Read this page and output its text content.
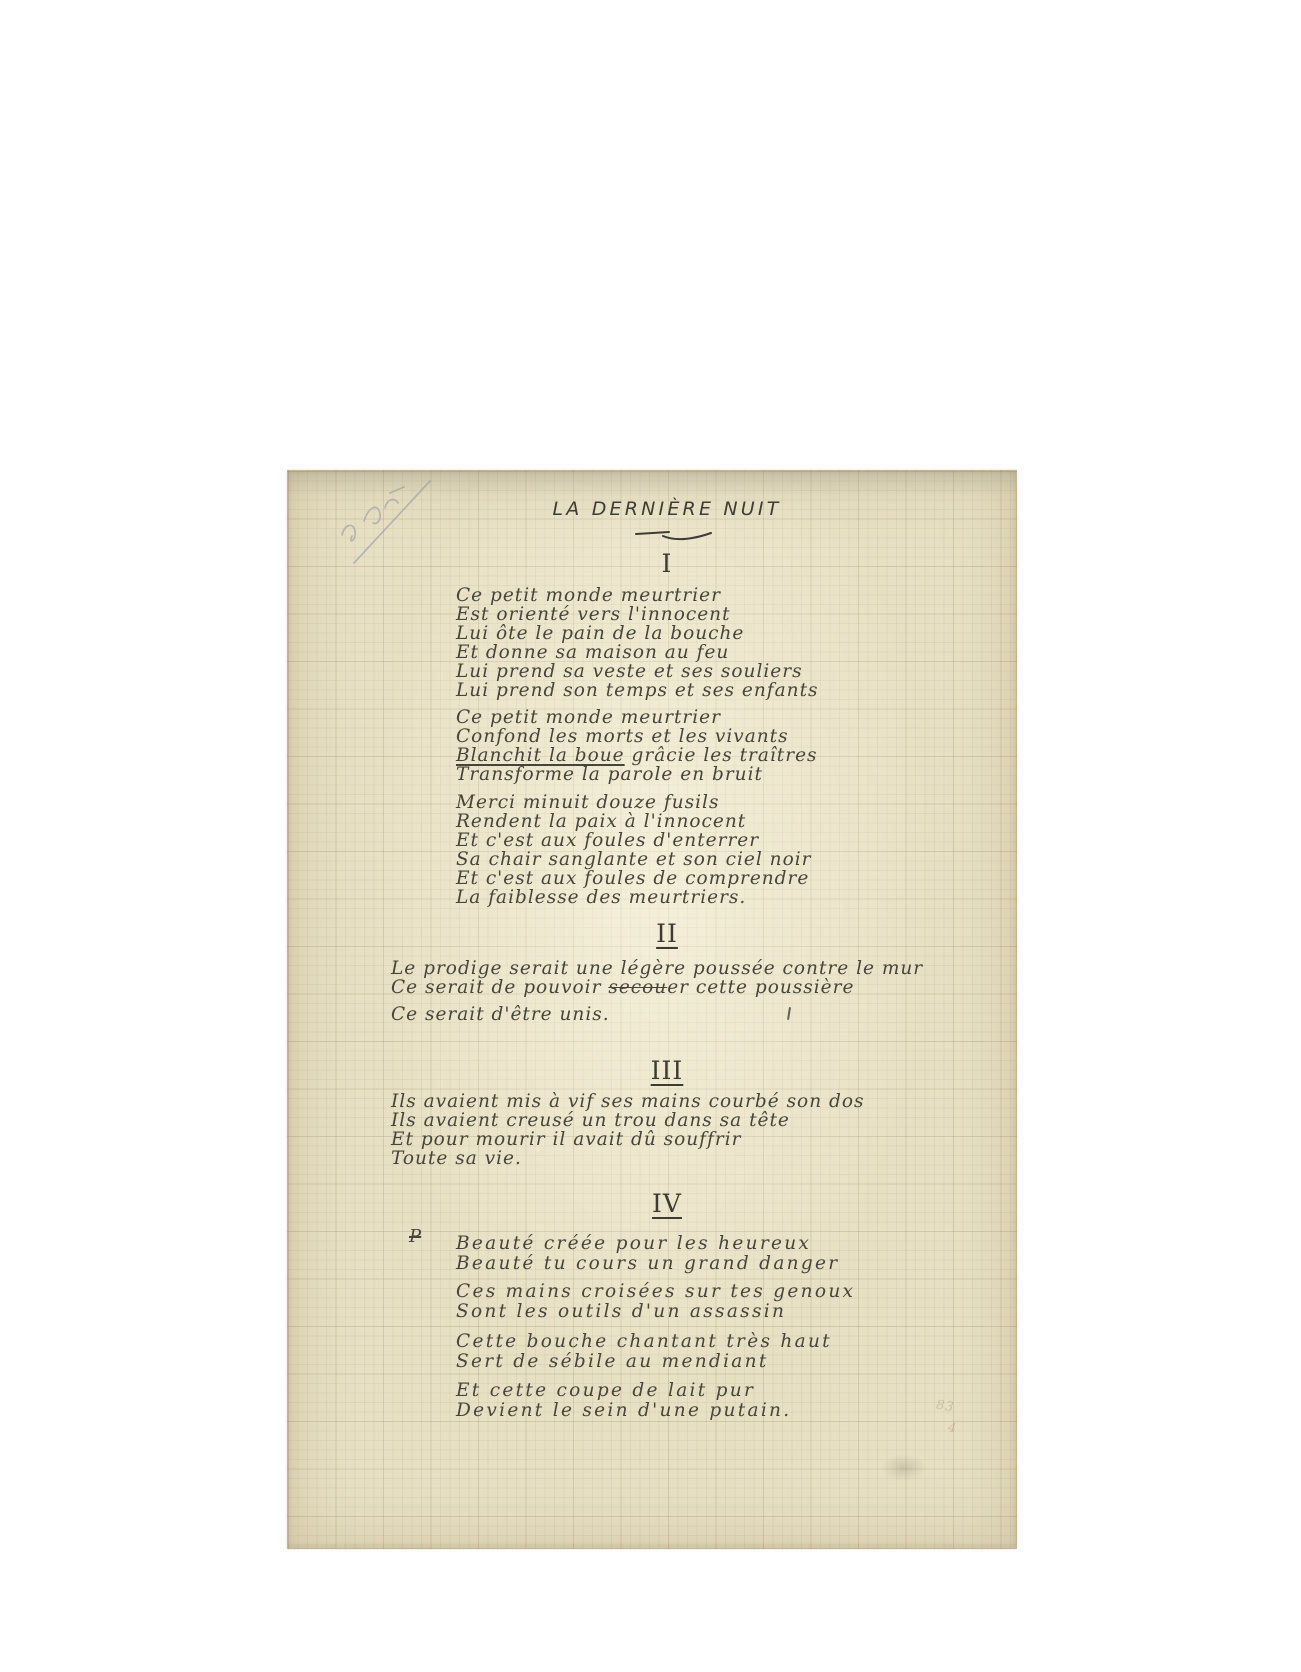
LA DERNIÈRE NUIT
I
Ce petit monde meurtrier
Est orienté vers l'innocent
Lui ôte le pain de la bouche
Et donne sa maison au feu
Lui prend sa veste et ses souliers
Lui prend son temps et ses enfants
Ce petit monde meurtrier
Confond les morts et les vivants
Blanchit la boue grâcie les traîtres
Transforme la parole en bruit
Merci minuit douze fusils
Rendent la paix à l'innocent
Et c'est aux foules d'enterrer
Sa chair sanglante et son ciel noir
Et c'est aux foules de comprendre
La faiblesse des meurtriers.
II
Le prodige serait une légère poussée contre le mur
Ce serait de pouvoir secouer cette poussière
Ce serait d'être unis.
III
Ils avaient mis à vif ses mains courbé son dos
Ils avaient creusé un trou dans sa tête
Et pour mourir il avait dû souffrir
Toute sa vie.
IV
P Beauté créée pour les heureux
Beauté tu cours un grand danger
Ces mains croisées sur tes genoux
Sont les outils d'un assassin
Cette bouche chantant très haut
Sert de sébile au mendiant
Et cette coupe de lait pur
Devient le sein d'une putain.	83
4
